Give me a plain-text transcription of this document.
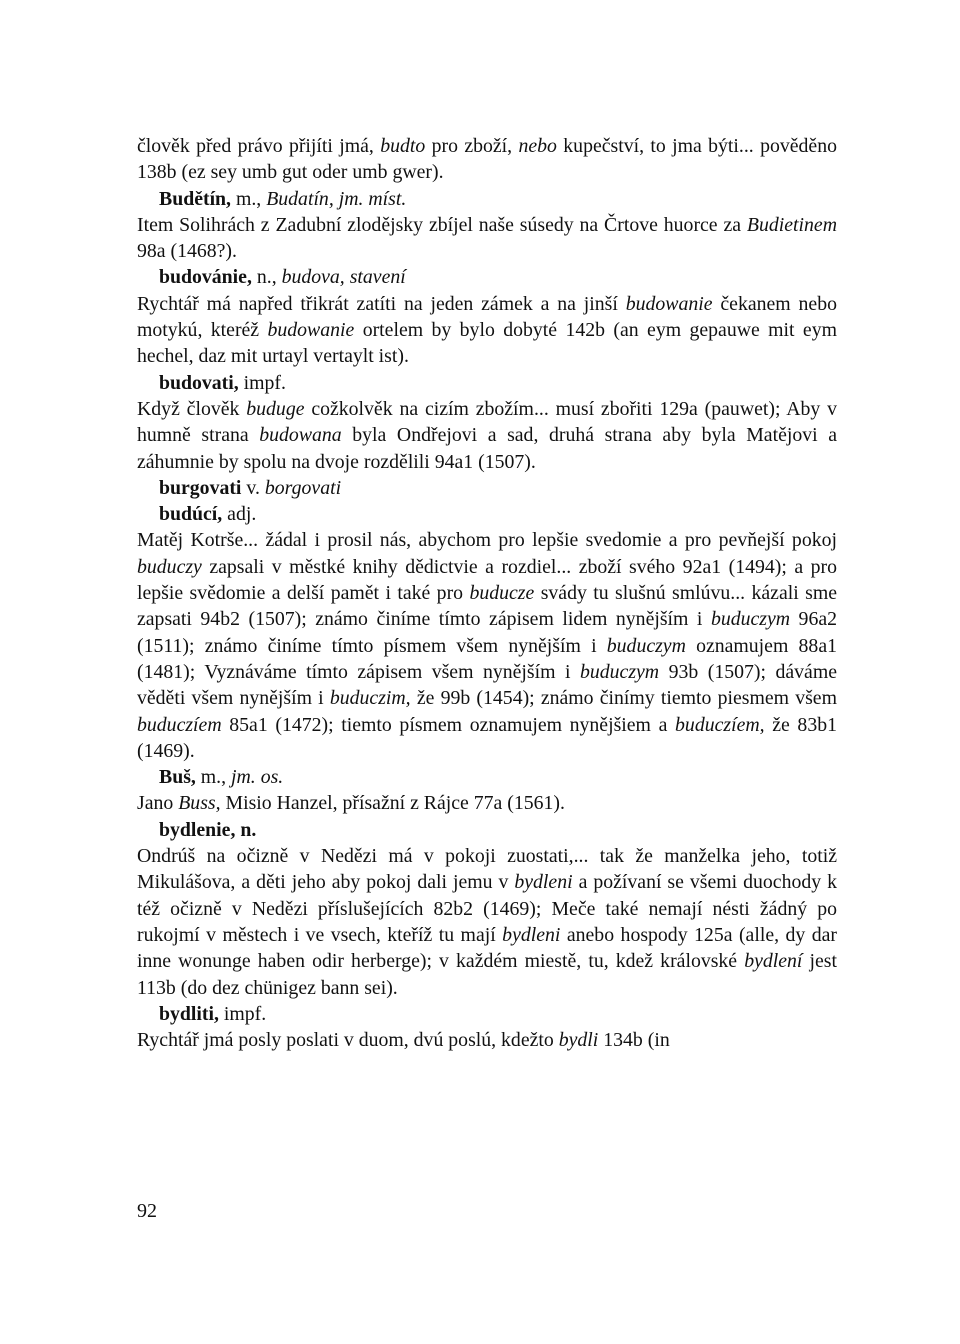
člověk před právo přijíti jmá, budto pro zboží, nebo kupečství, to jma býti... pověděno 138b (ez sey umb gut oder umb gwer).

Budětín, m., Budatín, jm. míst.

Item Solihrách z Zadubní zlodějsky zbíjel naše súsedy na Črtove huorce za Budietinem 98a (1468?).

budovánie, n., budova, stavení

Rychtář má napřed třikrát zatíti na jeden zámek a na jinší budowanie čekanem nebo motykú, kteréž budowanie ortelem by bylo dobyté 142b (an eym gepauwe mit eym hechel, daz mit urtayl vertaylt ist).

budovati, impf.

Když člověk buduge cožkolvěk na cizím zbožím... musí zbořiti 129a (pauwet); Aby v humně strana budowana byla Ondřejovi a sad, druhá strana aby byla Matějovi a záhumnie by spolu na dvoje rozdělili 94a1 (1507).

burgovati v. borgovati

budúcí, adj.

Matěj Kotrše... žádal i prosil nás, abychom pro lepšie svedomie a pro pevňejší pokoj buduczy zapsali v městké knihy dědictvie a rozdiel... zboží svého 92a1 (1494); a pro lepšie svědomie a delší pamět i také pro buducze svády tu slušnú smlúvu... kázali sme zapsati 94b2 (1507); známo činíme tímto zápisem lidem nynějším i buduczym 96a2 (1511); známo činíme tímto písmem všem nynějším i buduczym oznamujem 88a1 (1481); Vyznáváme tímto zápisem všem nynějším i buduczym 93b (1507); dáváme věděti všem nynějším i buduczim, že 99b (1454); známo činímy tiemto piesmem všem buduczíem 85a1 (1472); tiemto písmem oznamujem nynějšiem a buduczíem, že 83b1 (1469).

Buš, m., jm. os.

Jano Buss, Misio Hanzel, přísažní z Rájce 77a (1561).

bydlenie, n.

Ondrúš na očizně v Nedězi má v pokoji zuostati,... tak že manželka jeho, totiž Mikulášova, a děti jeho aby pokoj dali jemu v bydleni a požívaní se všemi duochody k též očizně v Nedězi příslušejících 82b2 (1469); Meče také nemají nésti žádný po rukojmí v městech i ve vsech, kteříž tu mají bydleni anebo hospody 125a (alle, dy dar inne wonunge haben odir herberge); v každém miestě, tu, kdež královské bydlení jest 113b (do dez chünigez bann sei).

bydliti, impf.

Rychtář jmá posly poslati v duom, dvú poslú, kdežto bydli 134b (in

92
